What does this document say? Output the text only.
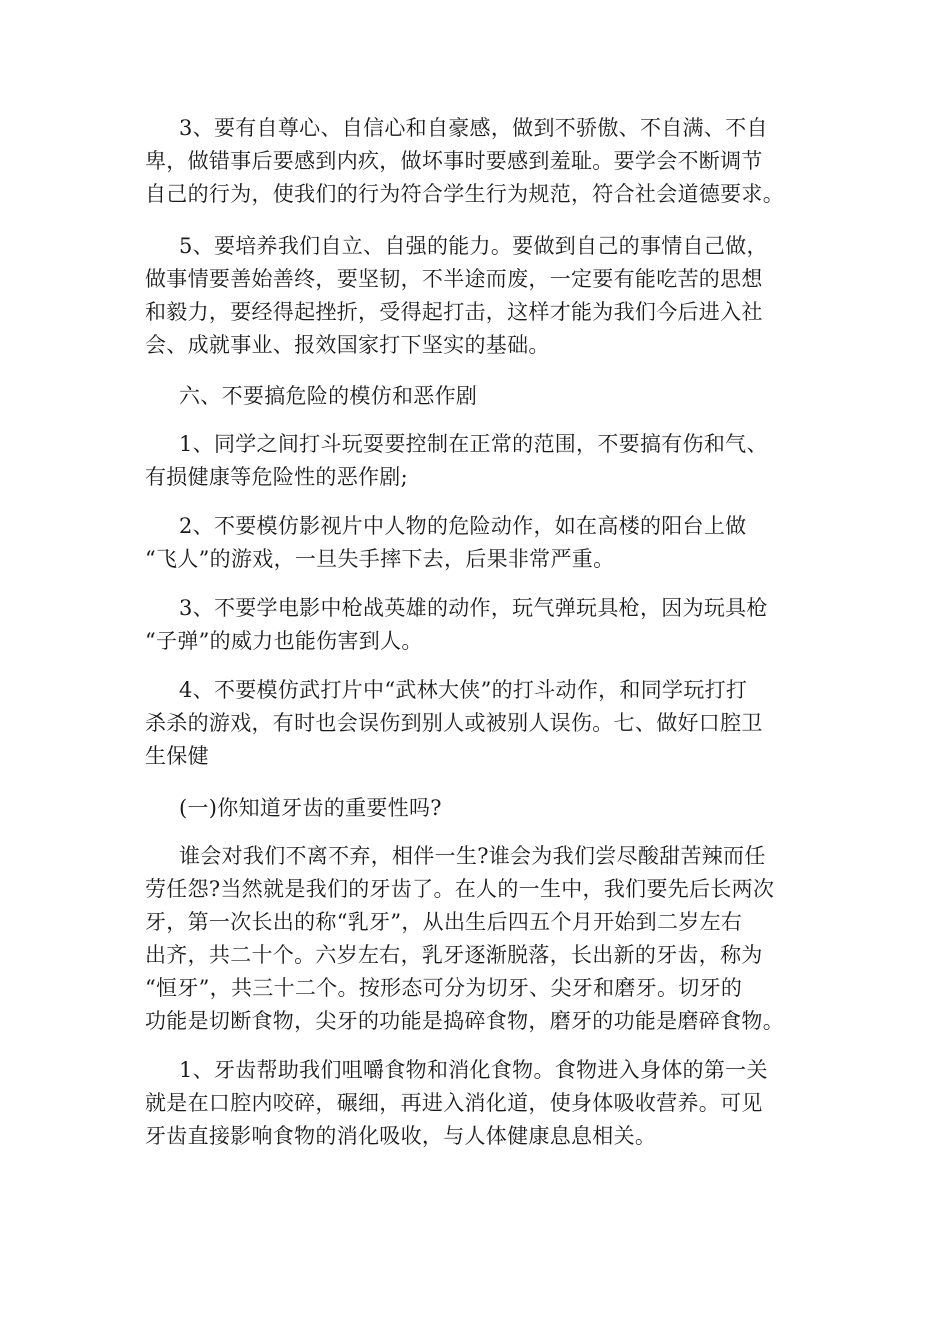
3、要有自尊心、自信心和自豪感，做到不骄傲、不自满、不自
卑，做错事后要感到内疚，做坏事时要感到羞耻。要学会不断调节
自己的行为，使我们的行为符合学生行为规范，符合社会道德要求。

5、要培养我们自立、自强的能力。要做到自己的事情自己做，
做事情要善始善终，要坚韧，不半途而废，一定要有能吃苦的思想
和毅力，要经得起挫折，受得起打击，这样才能为我们今后进入社
会、成就事业、报效国家打下坚实的基础。

六、不要搞危险的模仿和恶作剧

1、同学之间打斗玩耍要控制在正常的范围，不要搞有伤和气、
有损健康等危险性的恶作剧;

2、不要模仿影视片中人物的危险动作，如在高楼的阳台上做
“飞人”的游戏，一旦失手摔下去，后果非常严重。

3、不要学电影中枪战英雄的动作，玩气弹玩具枪，因为玩具枪
“子弹”的威力也能伤害到人。

4、不要模仿武打片中“武林大侠”的打斗动作，和同学玩打打
杀杀的游戏，有时也会误伤到别人或被别人误伤。七、做好口腔卫
生保健

(一)你知道牙齿的重要性吗?

谁会对我们不离不弃，相伴一生?谁会为我们尝尽酸甜苦辣而任
劳任怨?当然就是我们的牙齿了。在人的一生中，我们要先后长两次
牙，第一次长出的称“乳牙”，从出生后四五个月开始到二岁左右
出齐，共二十个。六岁左右，乳牙逐渐脱落，长出新的牙齿，称为
“恒牙”，共三十二个。按形态可分为切牙、尖牙和磨牙。切牙的
功能是切断食物，尖牙的功能是捣碎食物，磨牙的功能是磨碎食物。

1、牙齿帮助我们咀嚼食物和消化食物。食物进入身体的第一关
就是在口腔内咬碎，碾细，再进入消化道，使身体吸收营养。可见
牙齿直接影响食物的消化吸收，与人体健康息息相关。
